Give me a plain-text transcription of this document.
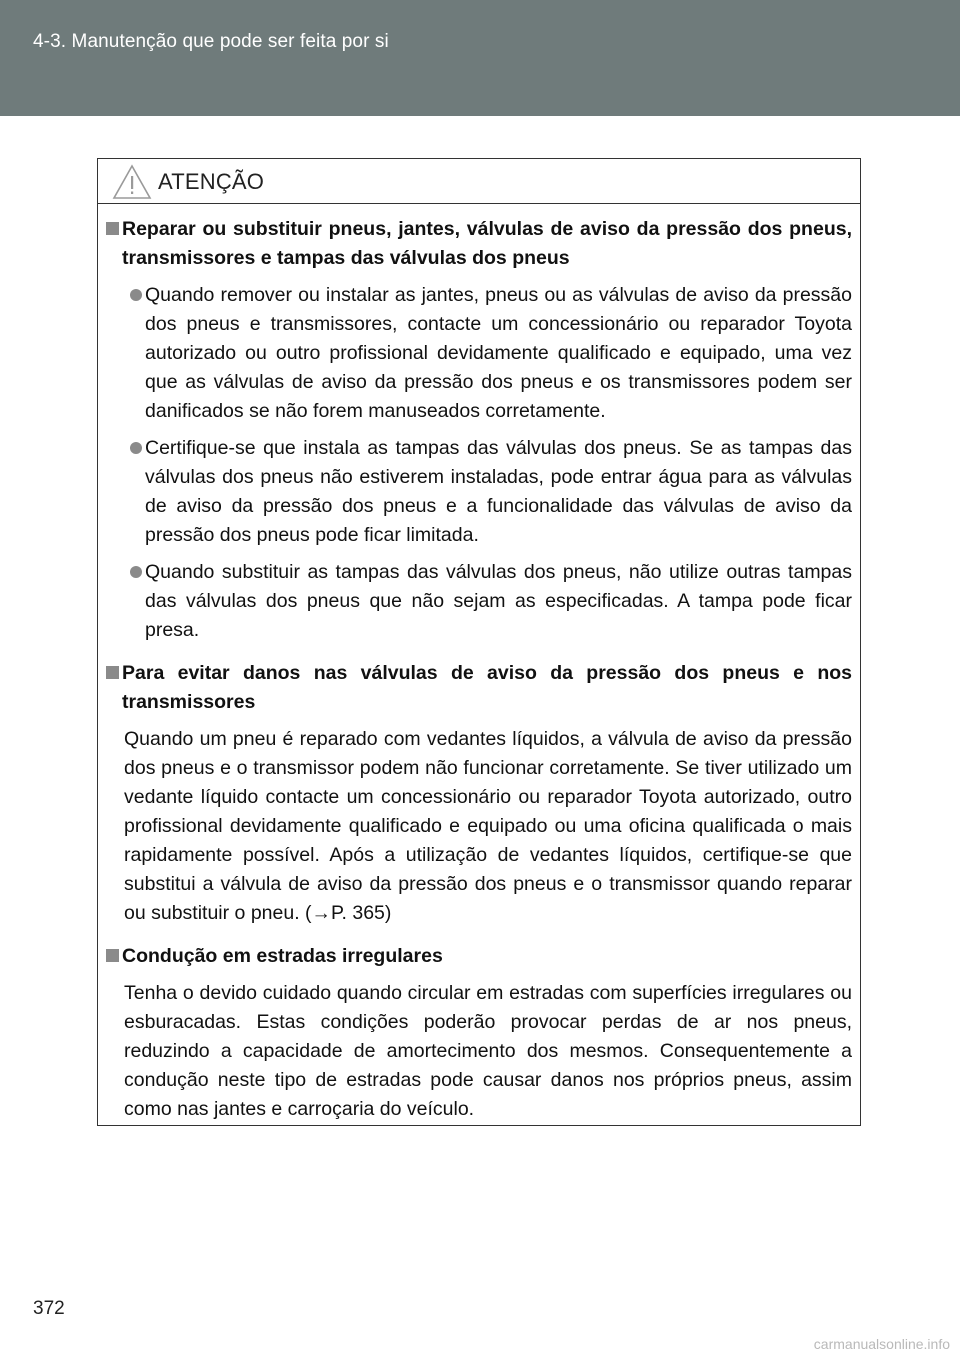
4-3. Manutenção que pode ser feita por si
ATENÇÃO
Reparar ou substituir pneus, jantes, válvulas de aviso da pressão dos pneus, transmissores e tampas das válvulas dos pneus
Quando remover ou instalar as jantes, pneus ou as válvulas de aviso da pressão dos pneus e transmissores, contacte um concessionário ou reparador Toyota autorizado ou outro profissional devidamente qualificado e equipado, uma vez que as válvulas de aviso da pressão dos pneus e os transmissores podem ser danificados se não forem manuseados corretamente.
Certifique-se que instala as tampas das válvulas dos pneus. Se as tampas das válvulas dos pneus não estiverem instaladas, pode entrar água para as válvulas de aviso da pressão dos pneus e a funcionalidade das válvulas de aviso da pressão dos pneus pode ficar limitada.
Quando substituir as tampas das válvulas dos pneus, não utilize outras tampas das válvulas dos pneus que não sejam as especificadas. A tampa pode ficar presa.
Para evitar danos nas válvulas de aviso da pressão dos pneus e nos transmissores
Quando um pneu é reparado com vedantes líquidos, a válvula de aviso da pressão dos pneus e o transmissor podem não funcionar corretamente. Se tiver utilizado um vedante líquido contacte um concessionário ou reparador Toyota autorizado, outro profissional devidamente qualificado e equipado ou uma oficina qualificada o mais rapidamente possível. Após a utilização de vedantes líquidos, certifique-se que substitui a válvula de aviso da pressão dos pneus e o transmissor quando reparar ou substituir o pneu. (→P. 365)
Condução em estradas irregulares
Tenha o devido cuidado quando circular em estradas com superfícies irregulares ou esburacadas. Estas condições poderão provocar perdas de ar nos pneus, reduzindo a capacidade de amortecimento dos mesmos. Consequentemente a condução neste tipo de estradas pode causar danos nos próprios pneus, assim como nas jantes e carroçaria do veículo.
372
carmanualsonline.info
